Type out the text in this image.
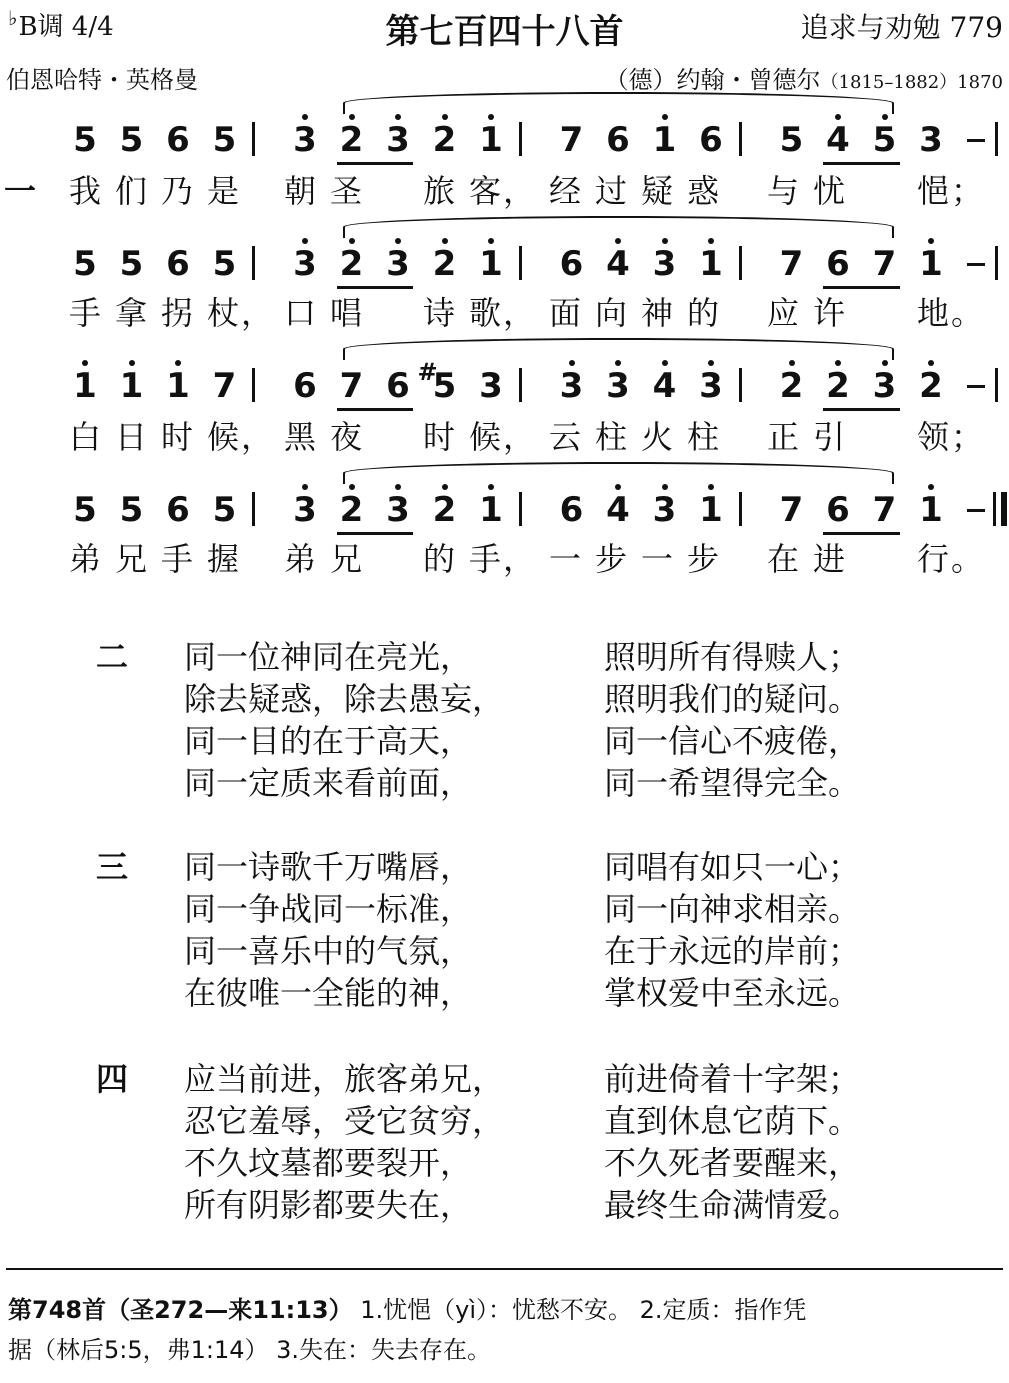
♭B调 4/4	第七百四十八首	追求与劝勉 779
伯恩哈特・英格曼	（德）约翰・曾德尔（1815–1882）1870
5 5 6 5 3 2 3 2 1 7 6 1 6 5 4 5 3
5 5 6 5 3 2 3 2 1 6 4 3 1 7 6 7 1
1 1 1 7 6 7 6 5
# 3 3 3 4 3 2 2 3 2
5 5 6 5 3 2 3 2 1 6 4 3 1 7 6 7 1
一 我 们 乃 是 朝 圣 旅 客 ， 经 过 疑 惑 与 忧 悒 ；
手 拿 拐 杖 ， 口 唱 诗 歌 ， 面 向 神 的 应 许 地 。
白 日 时 候 ， 黑 夜 时 候 ， 云 柱 火 柱 正 引 领 ；
弟 兄 手 握 弟 兄 的 手 ， 一 步 一 步 在 进 行 。
二 同一位神同在亮光，	照明所有得赎人；
除去疑惑，除去愚妄，	照明我们的疑问。
同一目的在于高天，	同一信心不疲倦，
同一定质来看前面，	同一希望得完全。
三 同一诗歌千万嘴唇，	同唱有如只一心；
同一争战同一标准，	同一向神求相亲。
同一喜乐中的气氛，	在于永远的岸前；
在彼唯一全能的神，	掌权爱中至永远。
四 应当前进，旅客弟兄，	前进倚着十字架；
忍它羞辱，受它贫穷，	直到休息它荫下。
不久坟墓都要裂开，	不久死者要醒来，
所有阴影都要失在，	最终生命满情爱。
第748首（圣272—来11:13） 1.忧悒（yì）：忧愁不安。 2.定质：指作凭
据（林后5:5，弗1:14） 3.失在：失去存在。
